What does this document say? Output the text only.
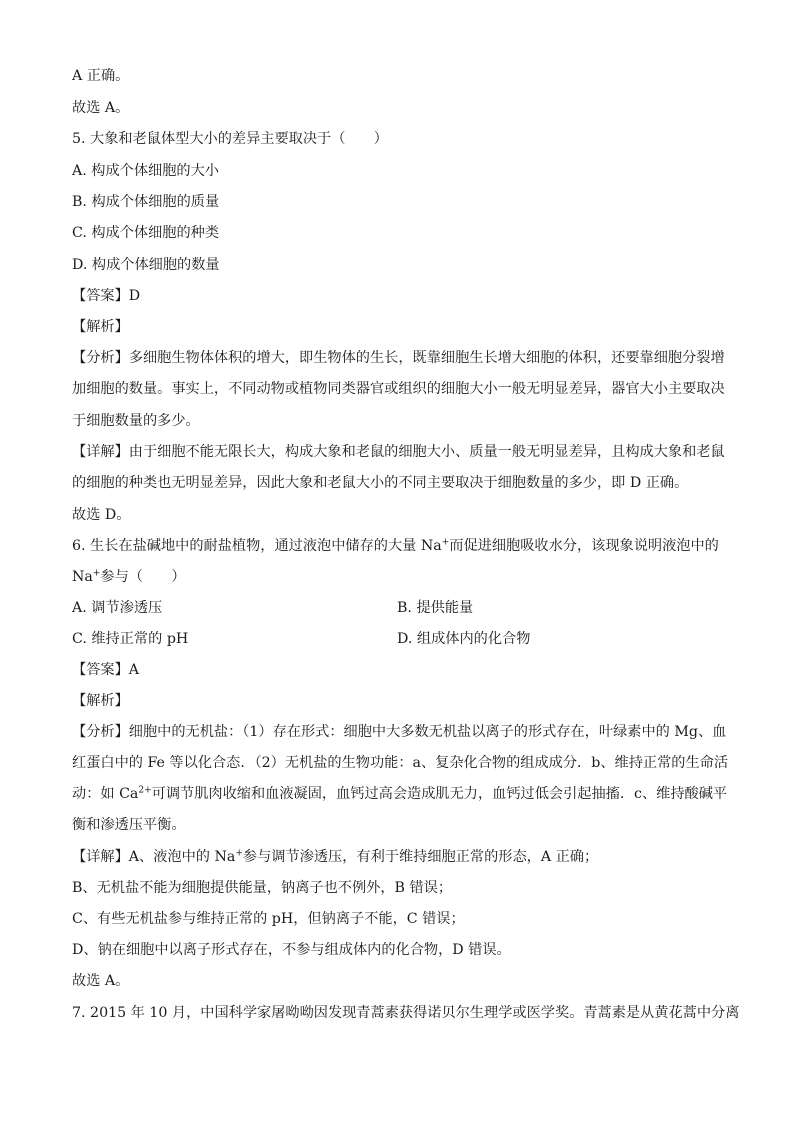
A 正确。
故选 A。
5. 大象和老鼠体型大小的差异主要取决于（　　）
A. 构成个体细胞的大小
B. 构成个体细胞的质量
C. 构成个体细胞的种类
D. 构成个体细胞的数量
【答案】D
【解析】
【分析】多细胞生物体体积的增大，即生物体的生长，既靠细胞生长增大细胞的体积，还要靠细胞分裂增
加细胞的数量。事实上，不同动物或植物同类器官或组织的细胞大小一般无明显差异，器官大小主要取决
于细胞数量的多少。
【详解】由于细胞不能无限长大，构成大象和老鼠的细胞大小、质量一般无明显差异，且构成大象和老鼠
的细胞的种类也无明显差异，因此大象和老鼠大小的不同主要取决于细胞数量的多少，即 D 正确。
故选 D。
6. 生长在盐碱地中的耐盐植物，通过液泡中储存的大量 Na+而促进细胞吸收水分，该现象说明液泡中的
Na+参与（　　）
A. 调节渗透压	B. 提供能量
C. 维持正常的 pH	D. 组成体内的化合物
【答案】A
【解析】
【分析】细胞中的无机盐：（1）存在形式：细胞中大多数无机盐以离子的形式存在，叶绿素中的 Mg、血
红蛋白中的 Fe 等以化合态．（2）无机盐的生物功能：a、复杂化合物的组成成分．b、维持正常的生命活
动：如 $Ca^{2+}$可调节肌肉收缩和血液凝固，血钙过高会造成肌无力，血钙过低会引起抽搐．c、维持酸碱平
衡和渗透压平衡。
【详解】A、液泡中的 Na+参与调节渗透压，有利于维持细胞正常的形态，A 正确；
B、无机盐不能为细胞提供能量，钠离子也不例外，B 错误；
C、有些无机盐参与维持正常的 pH，但钠离子不能，C 错误；
D、钠在细胞中以离子形式存在，不参与组成体内的化合物，D 错误。
故选 A。
7. 2015 年 10 月，中国科学家屠呦呦因发现青蒿素获得诺贝尔生理学或医学奖。青蒿素是从黄花蒿中分离
